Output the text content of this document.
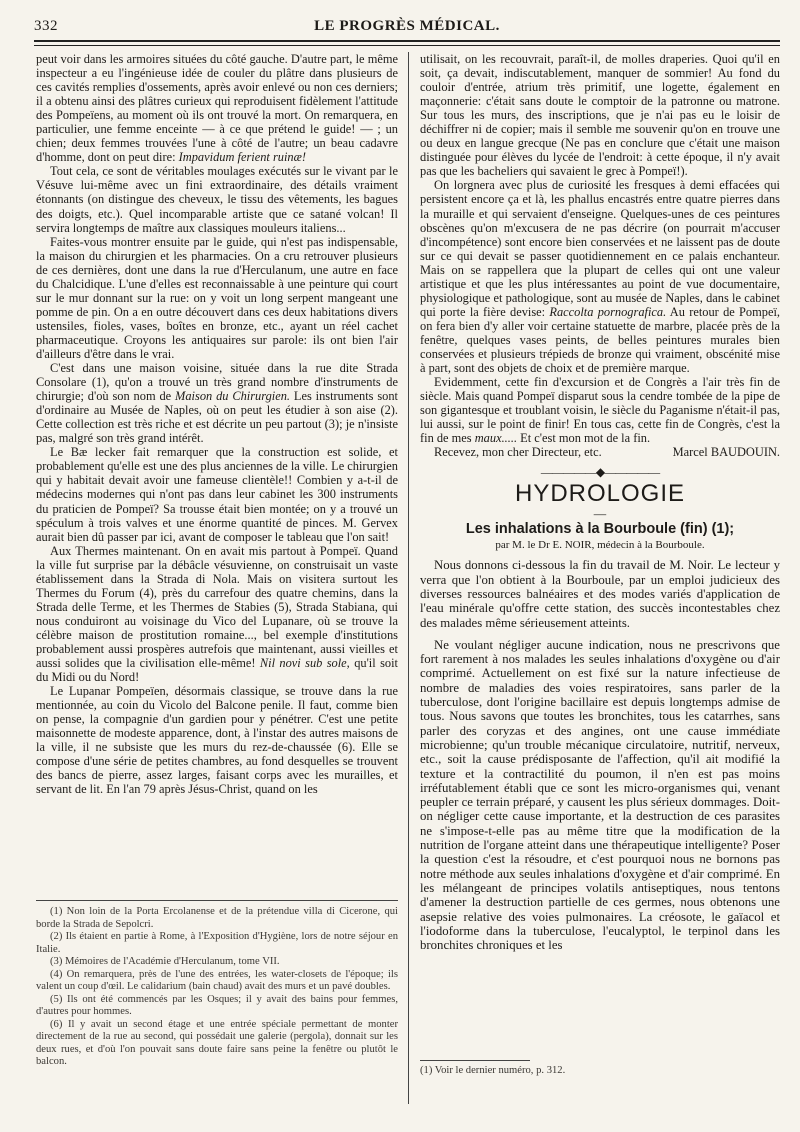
332	LE PROGRÈS MÉDICAL.

peut voir dans les armoires situées du côté gauche. D'autre part, le même inspecteur a eu l'ingénieuse idée de couler du plâtre dans plusieurs de ces cavités remplies d'ossements, après avoir enlevé ou non ces derniers; il a obtenu ainsi des plâtres curieux qui reproduisent fidèlement l'attitude des Pompeïens, au moment où ils ont trouvé la mort. On remarquera, en particulier, une femme enceinte — à ce que prétend le guide! — ; un chien; deux femmes trouvées l'une à côté de l'autre; un beau cadavre d'homme, dont on peut dire: Impavidum ferient ruinæ!

Tout cela, ce sont de véritables moulages exécutés sur le vivant par le Vésuve lui-même avec un fini extraordinaire, des détails vraiment étonnants (on distingue des cheveux, le tissu des vêtements, les bagues des doigts, etc.). Quel incomparable artiste que ce satané volcan! Il servira longtemps de maître aux classiques mouleurs italiens...

Faites-vous montrer ensuite par le guide, qui n'est pas indispensable, la maison du chirurgien et les pharmacies. On a cru retrouver plusieurs de ces dernières, dont une dans la rue d'Herculanum, une autre en face du Chalcidique. L'une d'elles est reconnaissable à une peinture qui court sur le mur donnant sur la rue: on y voit un long serpent mangeant une pomme de pin. On a en outre découvert dans ces deux habitations divers ustensiles, fioles, vases, boîtes en bronze, etc., ayant un réel cachet pharmaceutique. Croyons les antiquaires sur parole: ils ont bien l'air d'ailleurs d'être dans le vrai.

C'est dans une maison voisine, située dans la rue dite Strada Consolare (1), qu'on a trouvé un très grand nombre d'instruments de chirurgie; d'où son nom de Maison du Chirurgien. Les instruments sont d'ordinaire au Musée de Naples, où on peut les étudier à son aise (2). Cette collection est très riche et est décrite un peu partout (3); je n'insiste pas, malgré son très grand intérêt.

Le Bæ lecker fait remarquer que la construction est solide, et probablement qu'elle est une des plus anciennes de la ville. Le chirurgien qui y habitait devait avoir une fameuse clientèle!! Combien y a-t-il de médecins modernes qui n'ont pas dans leur cabinet les 300 instruments du praticien de Pompeï? Sa trousse était bien montée; on y a trouvé un spéculum à trois valves et une énorme quantité de pinces. M. Gervex aurait bien dû passer par ici, avant de composer le tableau que l'on sait!

Aux Thermes maintenant. On en avait mis partout à Pompeï. Quand la ville fut surprise par la débâcle vésuvienne, on construisait un vaste établissement dans la Strada di Nola. Mais on visitera surtout les Thermes du Forum (4), près du carrefour des quatre chemins, dans la Strada delle Terme, et les Thermes de Stabies (5), Strada Stabiana, qui nous conduiront au voisinage du Vico del Lupanare, où se trouve la célèbre maison de prostitution romaine..., bel exemple d'institutions probablement aussi prospères autrefois que maintenant, aussi vieilles et aussi solides que la civilisation elle-même! Nil novi sub sole, qu'il soit du Midi ou du Nord!

Le Lupanar Pompeïen, désormais classique, se trouve dans la rue mentionnée, au coin du Vicolo del Balcone penile. Il faut, comme bien on pense, la compagnie d'un gardien pour y pénétrer. C'est une petite maisonnette de modeste apparence, dont, à l'instar des autres maisons de la ville, il ne subsiste que les murs du rez-de-chaussée (6). Elle se compose d'une série de petites chambres, au fond desquelles se trouvent des bancs de pierre, assez larges, faisant corps avec les murailles, et servant de lit. En l'an 79 après Jésus-Christ, quand on les

(1) Non loin de la Porta Ercolanense et de la prétendue villa di Cicerone, qui borde la Strada de Sepolcri.
(2) Ils étaient en partie à Rome, à l'Exposition d'Hygiène, lors de notre séjour en Italie.
(3) Mémoires de l'Académie d'Herculanum, tome VII.
(4) On remarquera, près de l'une des entrées, les water-closets de l'époque; ils valent un coup d'œil. Le calidarium (bain chaud) avait des murs et un pavé doubles.
(5) Ils ont été commencés par les Osques; il y avait des bains pour femmes, d'autres pour hommes.
(6) Il y avait un second étage et une entrée spéciale permettant de monter directement de la rue au second, qui possédait une galerie (pergola), donnait sur les deux rues, et d'où l'on pouvait sans doute faire sans peine la fenêtre ou plutôt le balcon.

utilisait, on les recouvrait, paraît-il, de molles draperies. Quoi qu'il en soit, ça devait, indiscutablement, manquer de sommier! Au fond du couloir d'entrée, atrium très primitif, une logette, également en maçonnerie: c'était sans doute le comptoir de la patronne ou matrone. Sur tous les murs, des inscriptions, que je n'ai pas eu le loisir de déchiffrer ni de copier; mais il semble me souvenir qu'on en trouve une ou deux en langue grecque (Ne pas en conclure que c'était une maison distinguée pour élèves du lycée de l'endroit: à cette époque, il n'y avait pas que les bacheliers qui savaient le grec à Pompeï!).

On lorgnera avec plus de curiosité les fresques à demi effacées qui persistent encore ça et là, les phallus encastrés entre quatre pierres dans la muraille et qui servaient d'enseigne. Quelques-unes de ces peintures obscènes qu'on m'excusera de ne pas décrire (on pourrait m'accuser d'incompétence) sont encore bien conservées et ne laissent pas de doute sur ce qui devait se passer quotidiennement en ce palais enchanteur. Mais on se rappellera que la plupart de celles qui ont une valeur artistique et que les plus intéressantes au point de vue documentaire, physiologique et pathologique, sont au musée de Naples, dans le cabinet qui porte la fière devise: Raccolta pornografica. Au retour de Pompeï, on fera bien d'y aller voir certaine statuette de marbre, placée près de la fenêtre, quelques vases peints, de belles peintures murales bien conservées et plusieurs trépieds de bronze qui vraiment, obscénité mise à part, sont des objets de choix et de première marque.

Evidemment, cette fin d'excursion et de Congrès a l'air très fin de siècle. Mais quand Pompeï disparut sous la cendre tombée de la pipe de son gigantesque et troublant voisin, le siècle du Paganisme n'était-il pas, lui aussi, sur le point de finir! En tous cas, cette fin de Congrès, c'est la fin de mes maux..... Et c'est mon mot de la fin.

Recevez, mon cher Directeur, etc.	Marcel BAUDOUIN.
—————◆—————
HYDROLOGIE
—
Les inhalations à la Bourboule (fin) (1);
par M. le Dr E. NOIR, médecin à la Bourboule.

Nous donnons ci-dessous la fin du travail de M. Noir. Le lecteur y verra que l'on obtient à la Bourboule, par un emploi judicieux des diverses ressources balnéaires et des modes variés d'application de l'eau minérale qu'offre cette station, des succès incontestables chez des malades même sérieusement atteints.

Ne voulant négliger aucune indication, nous ne prescrivons que fort rarement à nos malades les seules inhalations d'oxygène ou d'air comprimé. Actuellement on est fixé sur la nature infectieuse de nombre de maladies des voies respiratoires, sans parler de la tuberculose, dont l'origine bacillaire est depuis longtemps admise de tous. Nous savons que toutes les bronchites, tous les catarrhes, sans parler des coryzas et des angines, ont une cause immédiate microbienne; qu'un trouble mécanique circulatoire, nutritif, nerveux, etc., soit la cause prédisposante de l'affection, qu'il ait modifié la texture et la contractilité du poumon, il n'en est pas moins irréfutablement établi que ce sont les micro-organismes qui, venant peupler ce terrain préparé, y causent les plus sérieux dommages. Doit-on négliger cette cause importante, et la destruction de ces parasites ne s'impose-t-elle pas au même titre que la modification de la nutrition de l'organe atteint dans une thérapeutique intelligente? Poser la question c'est la résoudre, et c'est pourquoi nous ne bornons pas notre méthode aux seules inhalations d'oxygène et d'air comprimé. En les mélangeant de principes volatils antiseptiques, nous tentons d'amener la destruction partielle de ces germes, nous obtenons une asepsie relative des voies pulmonaires. La créosote, le gaïacol et l'iodoforme dans la tuberculose, l'eucalyptol, le terpinol dans les bronchites chroniques et les

(1) Voir le dernier numéro, p. 312.
